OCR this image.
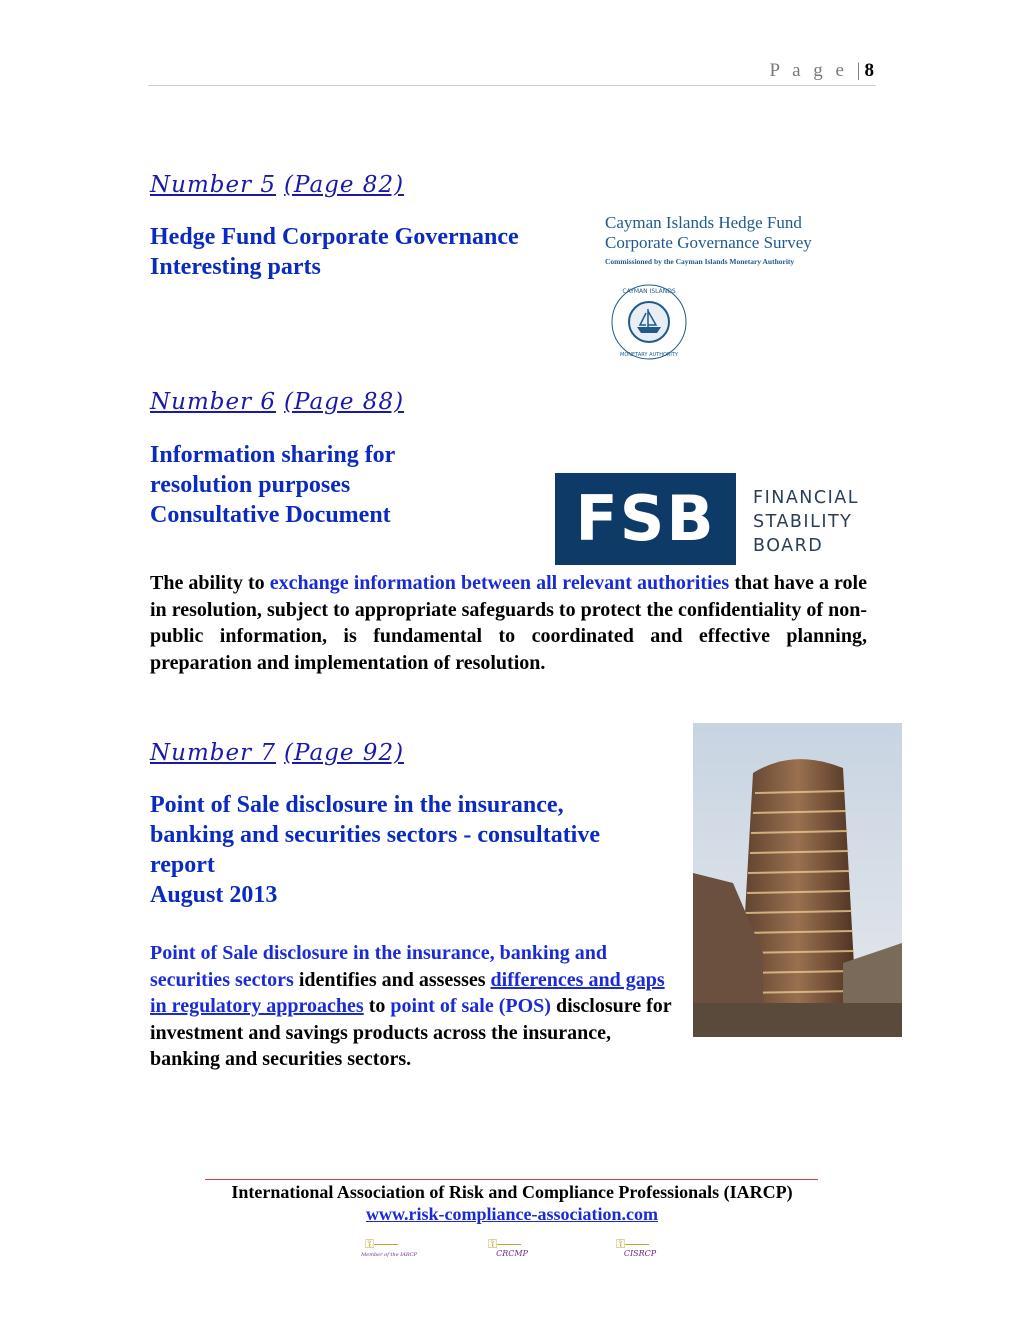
P a g e |8
Number 5 (Page 82)
Hedge Fund Corporate Governance
Interesting parts
Cayman Islands Hedge Fund
Corporate Governance Survey
Commissioned by the Cayman Islands Monetary Authority
CAYMAN ISLANDS
MONETARY AUTHORITY
Number 6 (Page 88)
Information sharing for
resolution purposes
Consultative Document	FSB	FINANCIAL
STABILITY
BOARD
The ability to exchange information between all relevant authorities that have a role in resolution, subject to appropriate safeguards to protect the confidentiality of non-public information, is fundamental to coordinated and effective planning, preparation and implementation of resolution.
Number 7 (Page 92)
Point of Sale disclosure in the insurance,
banking and securities sectors - consultative
report
August 2013
Point of Sale disclosure in the insurance, banking and securities sectors identifies and assesses differences and gaps in regulatory approaches to point of sale (POS) disclosure for investment and savings products across the insurance, banking and securities sectors.
International Association of Risk and Compliance Professionals (IARCP)
www.risk-compliance-association.com
⚿━━
Member of the IARCP
⚿━━
CRCMP
⚿━━
CISRCP
